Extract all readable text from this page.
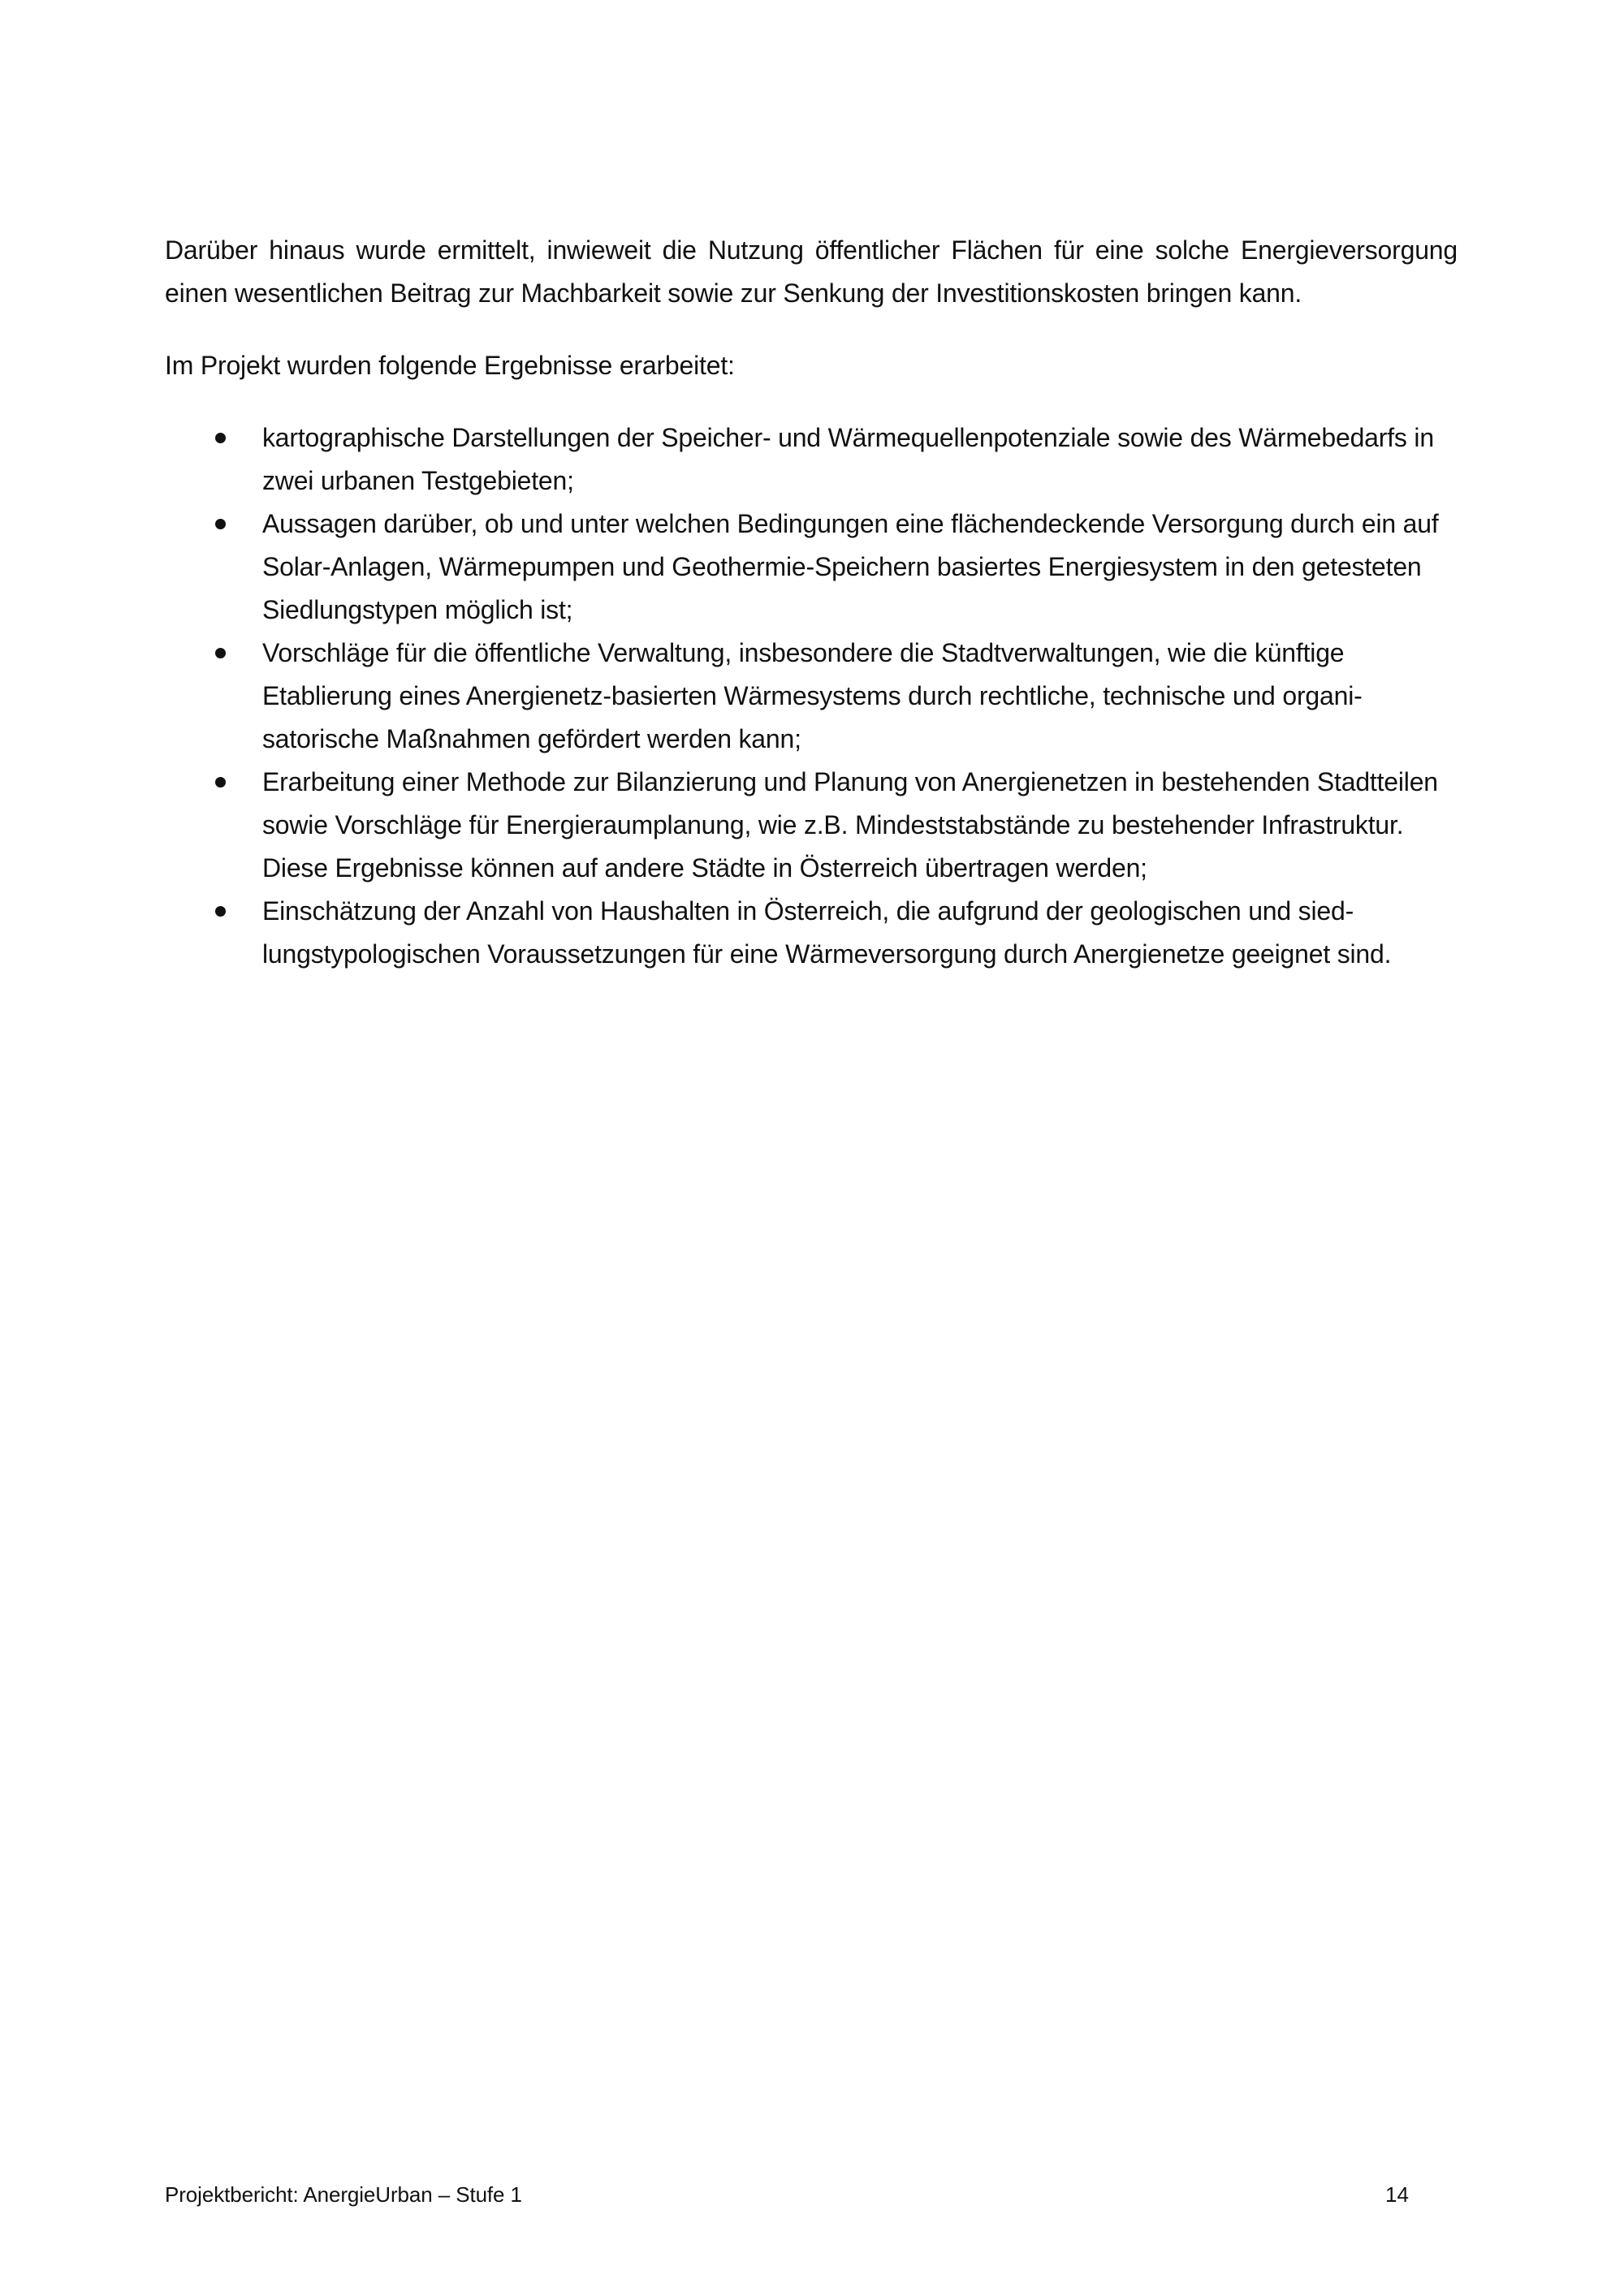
Darüber hinaus wurde ermittelt, inwieweit die Nutzung öffentlicher Flächen für eine solche Energieversorgung einen wesentlichen Beitrag zur Machbarkeit sowie zur Senkung der Investitionskosten bringen kann.

Im Projekt wurden folgende Ergebnisse erarbeitet:

kartographische Darstellungen der Speicher- und Wärmequellenpotenziale sowie des Wärmebedarfs in zwei urbanen Testgebieten;
Aussagen darüber, ob und unter welchen Bedingungen eine flächendeckende Versorgung durch ein auf Solar-Anlagen, Wärmepumpen und Geothermie-Speichern basiertes Energiesystem in den getesteten Siedlungstypen möglich ist;
Vorschläge für die öffentliche Verwaltung, insbesondere die Stadtverwaltungen, wie die künftige Etablierung eines Anergienetz-basierten Wärmesystems durch rechtliche, technische und organisatorische Maßnahmen gefördert werden kann;
Erarbeitung einer Methode zur Bilanzierung und Planung von Anergienetzen in bestehenden Stadtteilen sowie Vorschläge für Energieraumplanung, wie z.B. Mindeststabstände zu bestehender Infrastruktur. Diese Ergebnisse können auf andere Städte in Österreich übertragen werden;
Einschätzung der Anzahl von Haushalten in Österreich, die aufgrund der geologischen und siedlungstypologischen Voraussetzungen für eine Wärmeversorgung durch Anergienetze geeignet sind.
Projektbericht: AnergieUrban – Stufe 1	14
